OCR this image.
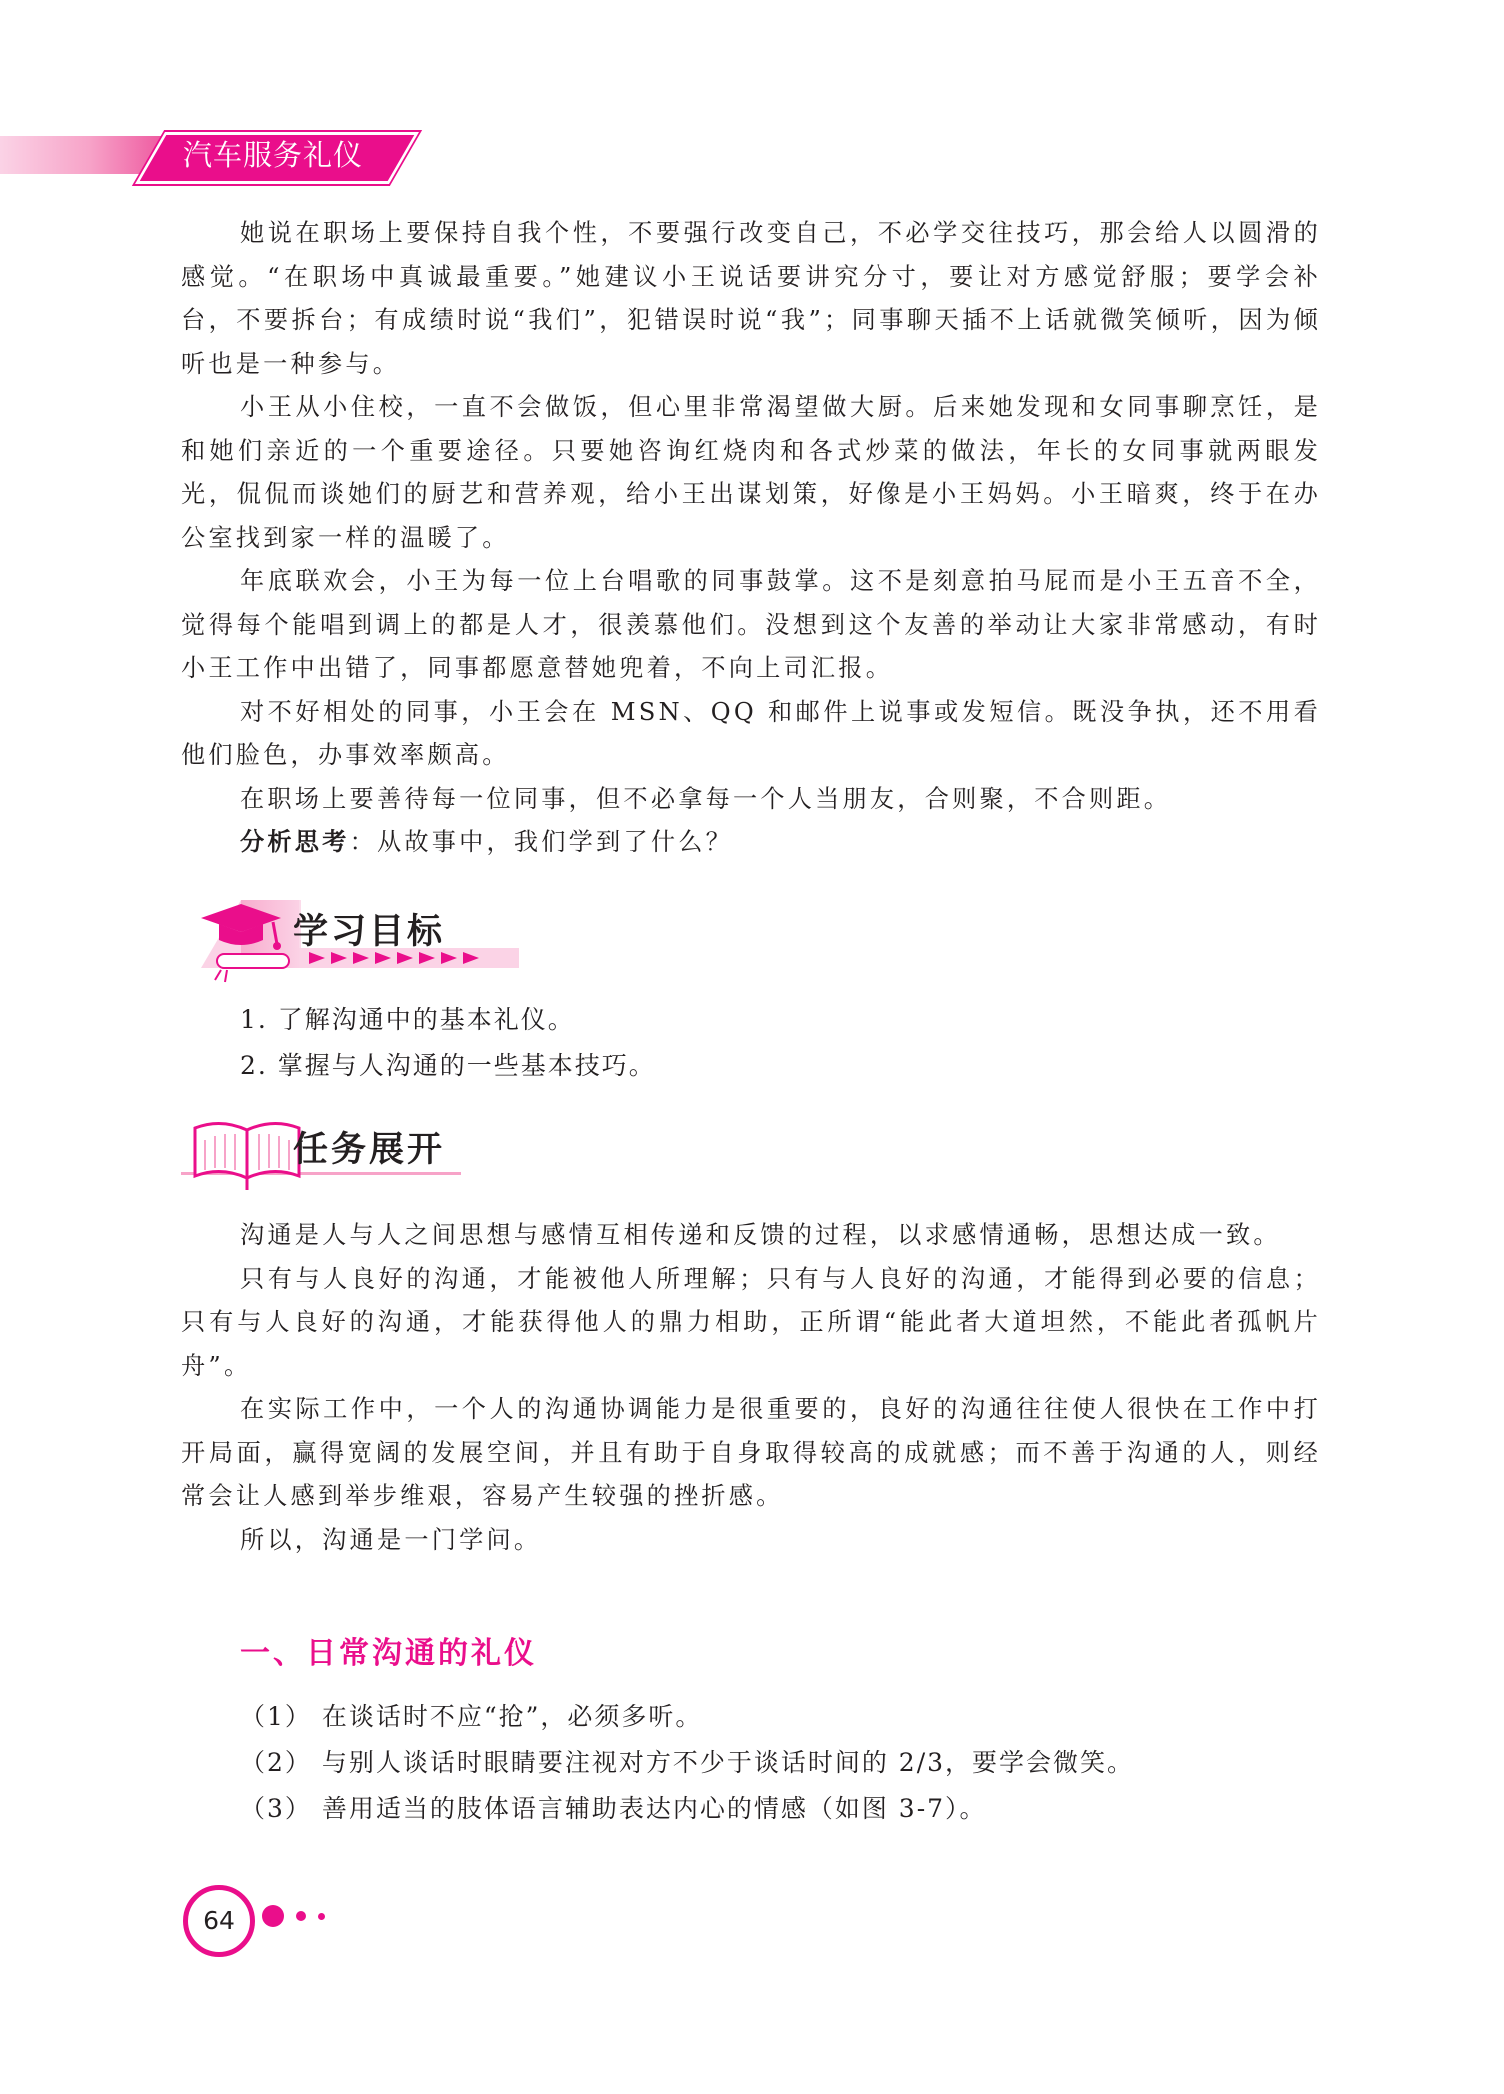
汽车服务礼仪

她说在职场上要保持自我个性，不要强行改变自己，不必学交往技巧，那会给人以圆滑的感觉。“在职场中真诚最重要。”她建议小王说话要讲究分寸，要让对方感觉舒服；要学会补台，不要拆台；有成绩时说“我们”，犯错误时说“我”；同事聊天插不上话就微笑倾听，因为倾听也是一种参与。

小王从小住校，一直不会做饭，但心里非常渴望做大厨。后来她发现和女同事聊烹饪，是和她们亲近的一个重要途径。只要她咨询红烧肉和各式炒菜的做法，年长的女同事就两眼发光，侃侃而谈她们的厨艺和营养观，给小王出谋划策，好像是小王妈妈。小王暗爽，终于在办公室找到家一样的温暖了。

年底联欢会，小王为每一位上台唱歌的同事鼓掌。这不是刻意拍马屁而是小王五音不全，觉得每个能唱到调上的都是人才，很羡慕他们。没想到这个友善的举动让大家非常感动，有时小王工作中出错了，同事都愿意替她兜着，不向上司汇报。

对不好相处的同事，小王会在 MSN、QQ 和邮件上说事或发短信。既没争执，还不用看他们脸色，办事效率颇高。

在职场上要善待每一位同事，但不必拿每一个人当朋友，合则聚，不合则距。

分析思考：从故事中，我们学到了什么？

学习目标
1. 了解沟通中的基本礼仪。
2. 掌握与人沟通的一些基本技巧。
任务展开

沟通是人与人之间思想与感情互相传递和反馈的过程，以求感情通畅，思想达成一致。

只有与人良好的沟通，才能被他人所理解；只有与人良好的沟通，才能得到必要的信息；只有与人良好的沟通，才能获得他人的鼎力相助，正所谓“能此者大道坦然，不能此者孤帆片舟”。

在实际工作中，一个人的沟通协调能力是很重要的，良好的沟通往往使人很快在工作中打开局面，赢得宽阔的发展空间，并且有助于自身取得较高的成就感；而不善于沟通的人，则经常会让人感到举步维艰，容易产生较强的挫折感。

所以，沟通是一门学问。

一、日常沟通的礼仪
（1） 在谈话时不应“抢”，必须多听。
（2） 与别人谈话时眼睛要注视对方不少于谈话时间的 2/3，要学会微笑。
（3） 善用适当的肢体语言辅助表达内心的情感（如图 3-7）。
64
